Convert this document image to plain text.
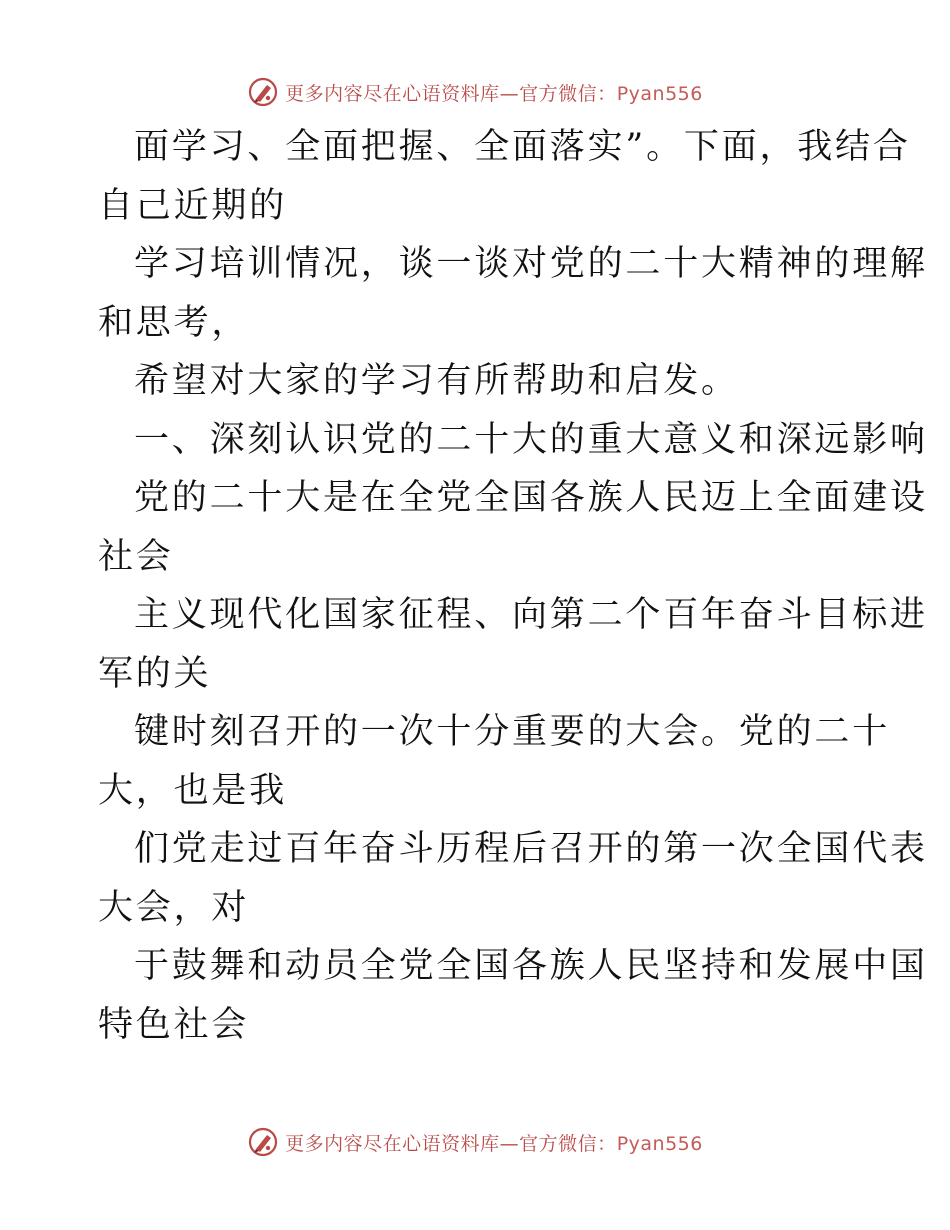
更多内容尽在心语资料库—官方微信：Pyan556
面学习、全面把握、全面落实”。下面，我结合
自己近期的
学习培训情况，谈一谈对党的二十大精神的理解
和思考，
希望对大家的学习有所帮助和启发。
一、深刻认识党的二十大的重大意义和深远影响
党的二十大是在全党全国各族人民迈上全面建设
社会
主义现代化国家征程、向第二个百年奋斗目标进
军的关
键时刻召开的一次十分重要的大会。党的二十
大，也是我
们党走过百年奋斗历程后召开的第一次全国代表
大会，对
于鼓舞和动员全党全国各族人民坚持和发展中国
特色社会
更多内容尽在心语资料库—官方微信：Pyan556
